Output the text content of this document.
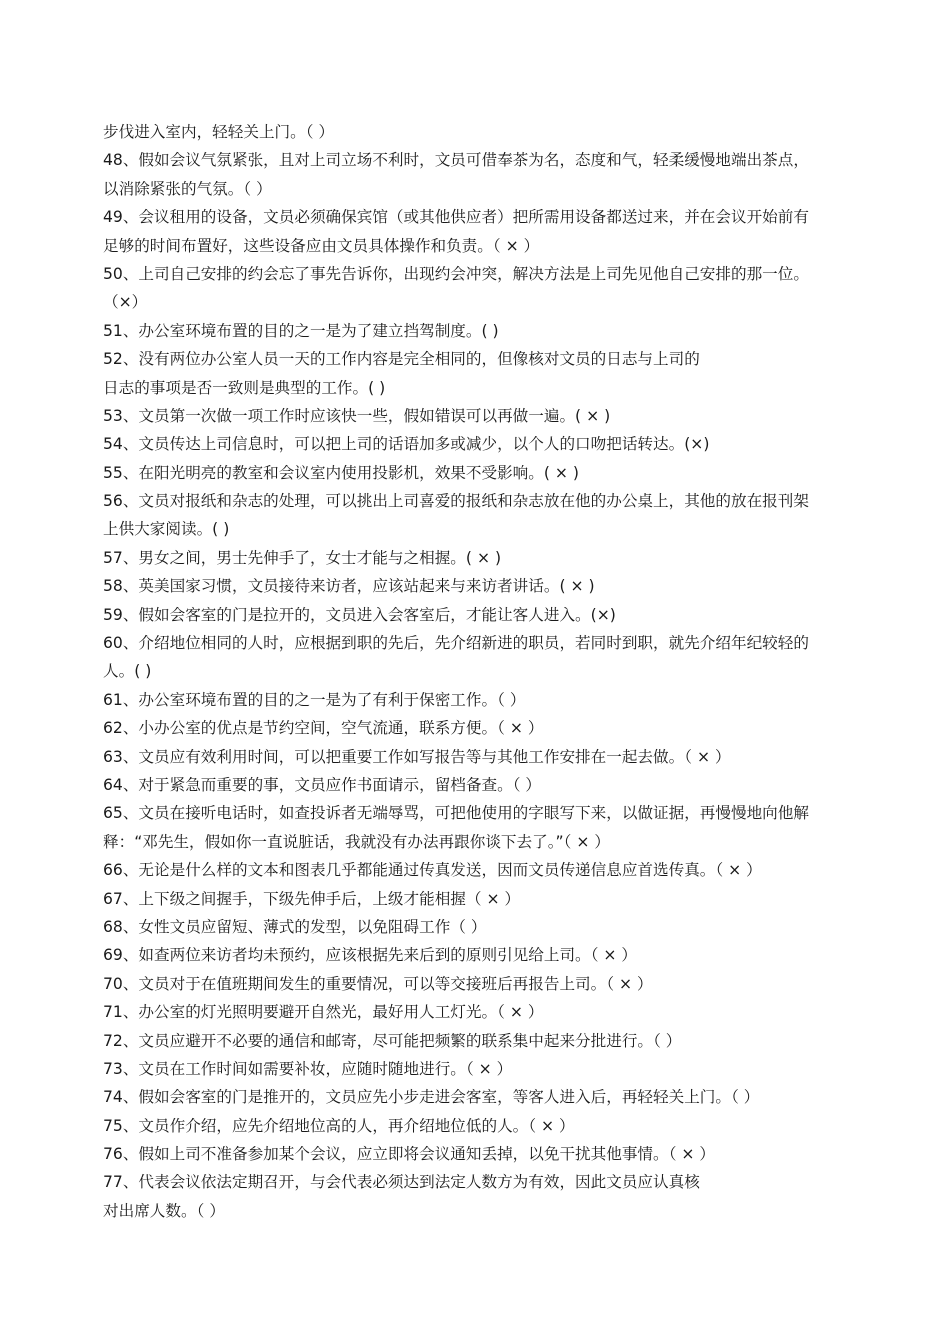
步伐进入室内，轻轻关上门。（ ）
48、假如会议气氛紧张，且对上司立场不利时，文员可借奉茶为名，态度和气，轻柔缓慢地端出茶点，
以消除紧张的气氛。（ ）
49、会议租用的设备，文员必须确保宾馆（或其他供应者）把所需用设备都送过来，并在会议开始前有
足够的时间布置好，这些设备应由文员具体操作和负责。（ × ）
50、上司自己安排的约会忘了事先告诉你，出现约会冲突，解决方法是上司先见他自己安排的那一位。
（×）
51、办公室环境布置的目的之一是为了建立挡驾制度。( )
52、没有两位办公室人员一天的工作内容是完全相同的，但像核对文员的日志与上司的
日志的事项是否一致则是典型的工作。( )
53、文员第一次做一项工作时应该快一些，假如错误可以再做一遍。( × )
54、文员传达上司信息时，可以把上司的话语加多或减少，以个人的口吻把话转达。(×)
55、在阳光明亮的教室和会议室内使用投影机，效果不受影响。( × )
56、文员对报纸和杂志的处理，可以挑出上司喜爱的报纸和杂志放在他的办公桌上，其他的放在报刊架
上供大家阅读。( )
57、男女之间，男士先伸手了，女士才能与之相握。( × )
58、英美国家习惯，文员接待来访者，应该站起来与来访者讲话。( × )
59、假如会客室的门是拉开的，文员进入会客室后，才能让客人进入。(×)
60、介绍地位相同的人时，应根据到职的先后，先介绍新进的职员，若同时到职，就先介绍年纪较轻的
人。( )
61、办公室环境布置的目的之一是为了有利于保密工作。（ ）
62、小办公室的优点是节约空间，空气流通，联系方便。（ × ）
63、文员应有效利用时间，可以把重要工作如写报告等与其他工作安排在一起去做。（ × ）
64、对于紧急而重要的事，文员应作书面请示，留档备查。（ ）
65、文员在接听电话时，如查投诉者无端辱骂，可把他使用的字眼写下来，以做证据，再慢慢地向他解
释：“邓先生，假如你一直说脏话，我就没有办法再跟你谈下去了。”（ × ）
66、无论是什么样的文本和图表几乎都能通过传真发送，因而文员传递信息应首选传真。（ × ）
67、上下级之间握手，下级先伸手后，上级才能相握（ × ）
68、女性文员应留短、薄式的发型，以免阻碍工作（ ）
69、如查两位来访者均未预约，应该根据先来后到的原则引见给上司。（ × ）
70、文员对于在值班期间发生的重要情况，可以等交接班后再报告上司。（ × ）
71、办公室的灯光照明要避开自然光，最好用人工灯光。（ × ）
72、文员应避开不必要的通信和邮寄，尽可能把频繁的联系集中起来分批进行。（ ）
73、文员在工作时间如需要补妆，应随时随地进行。（ × ）
74、假如会客室的门是推开的，文员应先小步走进会客室，等客人进入后，再轻轻关上门。（ ）
75、文员作介绍，应先介绍地位高的人，再介绍地位低的人。（ × ）
76、假如上司不准备参加某个会议，应立即将会议通知丢掉，以免干扰其他事情。（ × ）
77、代表会议依法定期召开，与会代表必须达到法定人数方为有效，因此文员应认真核
对出席人数。（ ）
